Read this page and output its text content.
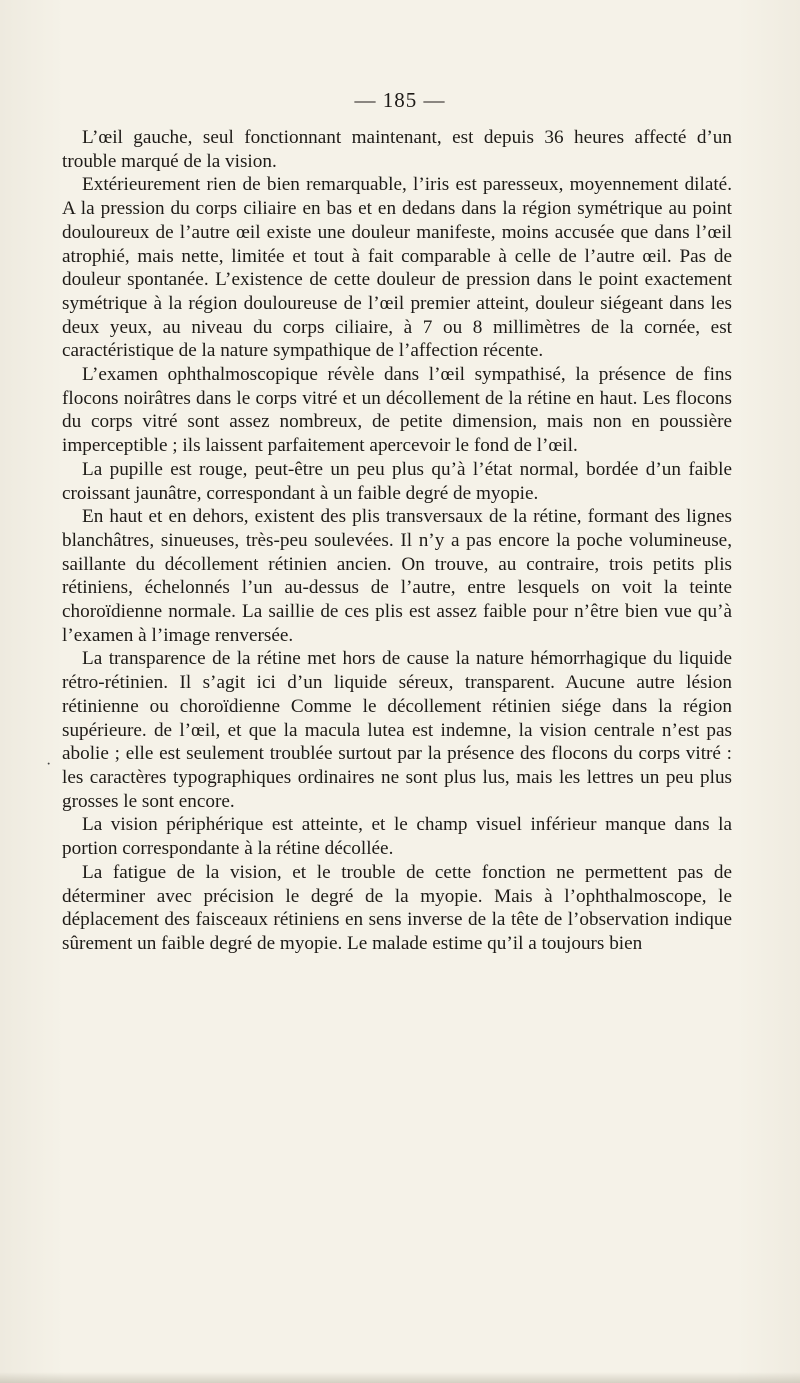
— 185 —
·

L’œil gauche, seul fonctionnant maintenant, est depuis 36 heures affecté d’un trouble marqué de la vision.

Extérieurement rien de bien remarquable, l’iris est paresseux, moyennement dilaté. A la pression du corps ciliaire en bas et en dedans dans la région symétrique au point douloureux de l’autre œil existe une douleur manifeste, moins accusée que dans l’œil atrophié, mais nette, limitée et tout à fait comparable à celle de l’autre œil. Pas de douleur spontanée. L’existence de cette douleur de pression dans le point exactement symétrique à la région douloureuse de l’œil premier atteint, douleur siégeant dans les deux yeux, au niveau du corps ciliaire, à 7 ou 8 millimètres de la cornée, est caractéristique de la nature sympathique de l’affection récente.

L’examen ophthalmoscopique révèle dans l’œil sympathisé, la présence de fins flocons noirâtres dans le corps vitré et un décollement de la rétine en haut. Les flocons du corps vitré sont assez nombreux, de petite dimension, mais non en poussière imperceptible ; ils laissent parfaitement apercevoir le fond de l’œil.

La pupille est rouge, peut-être un peu plus qu’à l’état normal, bordée d’un faible croissant jaunâtre, correspondant à un faible degré de myopie.

En haut et en dehors, existent des plis transversaux de la rétine, formant des lignes blanchâtres, sinueuses, très-peu soulevées. Il n’y a pas encore la poche volumineuse, saillante du décollement rétinien ancien. On trouve, au contraire, trois petits plis rétiniens, échelonnés l’un au-dessus de l’autre, entre lesquels on voit la teinte choroïdienne normale. La saillie de ces plis est assez faible pour n’être bien vue qu’à l’examen à l’image renversée.

La transparence de la rétine met hors de cause la nature hémorrhagique du liquide rétro-rétinien. Il s’agit ici d’un liquide séreux, transparent. Aucune autre lésion rétinienne ou choroïdienne Comme le décollement rétinien siége dans la région supérieure. de l’œil, et que la macula lutea est indemne, la vision centrale n’est pas abolie ; elle est seulement troublée surtout par la présence des flocons du corps vitré : les caractères typographiques ordinaires ne sont plus lus, mais les lettres un peu plus grosses le sont encore.

La vision périphérique est atteinte, et le champ visuel inférieur manque dans la portion correspondante à la rétine décollée.

La fatigue de la vision, et le trouble de cette fonction ne permettent pas de déterminer avec précision le degré de la myopie. Mais à l’ophthalmoscope, le déplacement des faisceaux rétiniens en sens inverse de la tête de l’observation indique sûrement un faible degré de myopie. Le malade estime qu’il a toujours bien
